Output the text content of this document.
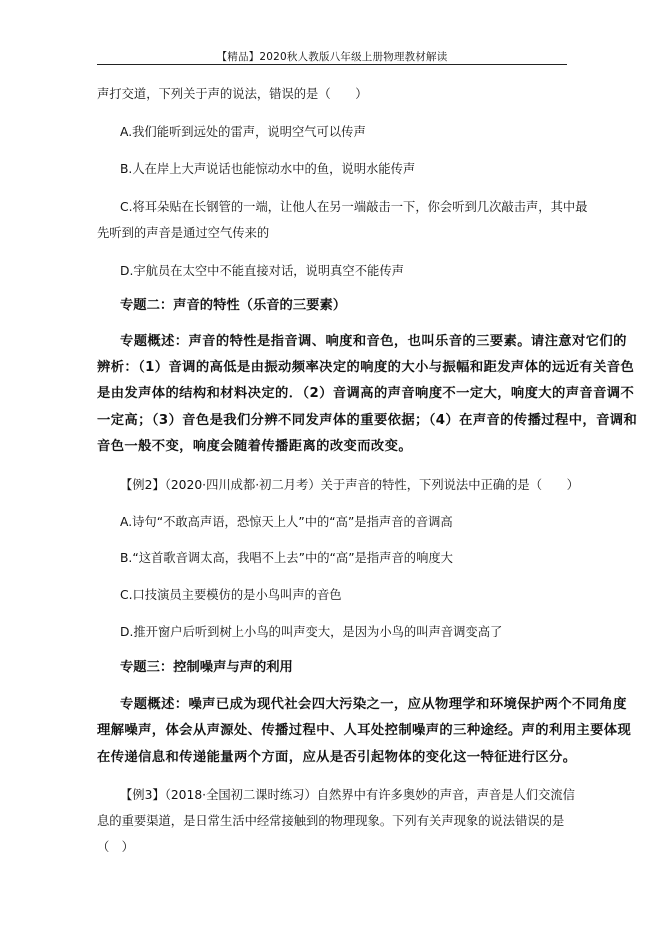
【精品】2020秋人教版八年级上册物理教材解读
声打交道，下列关于声的说法，错误的是（　　）
A.我们能听到远处的雷声，说明空气可以传声
B.人在岸上大声说话也能惊动水中的鱼，说明水能传声
C.将耳朵贴在长钢管的一端，让他人在另一端敲击一下，你会听到几次敲击声，其中最
先听到的声音是通过空气传来的
D.宇航员在太空中不能直接对话，说明真空不能传声
专题二：声音的特性（乐音的三要素）
专题概述：声音的特性是指音调、响度和音色，也叫乐音的三要素。请注意对它们的
辨析：（1）音调的高低是由振动频率决定的响度的大小与振幅和距发声体的远近有关音色
是由发声体的结构和材料决定的．（2）音调高的声音响度不一定大，响度大的声音音调不
一定高；（3）音色是我们分辨不同发声体的重要依据；（4）在声音的传播过程中，音调和
音色一般不变，响度会随着传播距离的改变而改变。
【例2】（2020·四川成都·初二月考）关于声音的特性，下列说法中正确的是（　　）
A.诗句“不敢高声语，恐惊天上人”中的“高”是指声音的音调高
B.“这首歌音调太高，我唱不上去”中的“高”是指声音的响度大
C.口技演员主要模仿的是小鸟叫声的音色
D.推开窗户后听到树上小鸟的叫声变大，是因为小鸟的叫声音调变高了
专题三：控制噪声与声的利用
专题概述：噪声已成为现代社会四大污染之一，应从物理学和环境保护两个不同角度
理解噪声，体会从声源处、传播过程中、人耳处控制噪声的三种途经。声的利用主要体现
在传递信息和传递能量两个方面，应从是否引起物体的变化这一特征进行区分。
【例3】（2018·全国初二课时练习）自然界中有许多奥妙的声音，声音是人们交流信
息的重要渠道，是日常生活中经常接触到的物理现象。下列有关声现象的说法错误的是
（　）
